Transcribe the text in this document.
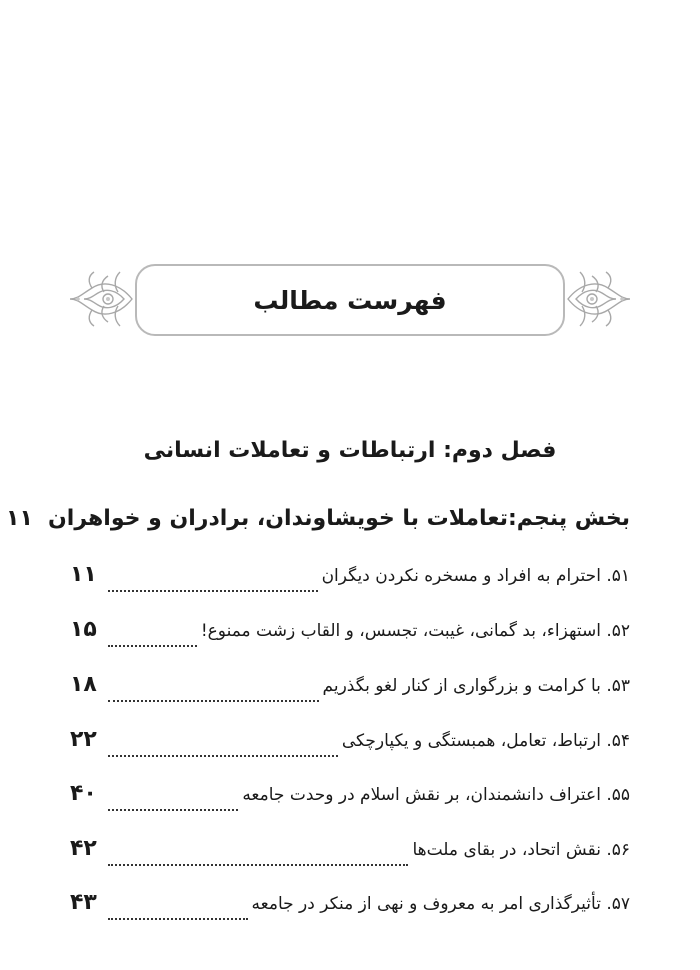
فهرست مطالب
فصل دوم: ارتباطات و تعاملات انسانی
بخش پنجم:تعاملات با خویشاوندان، برادران و خواهران
۱۱
۵۱. احترام به افراد و مسخره نکردن دیگران
۱۱
۵۲. استهزاء، بد گمانی، غیبت، تجسس، و القاب زشت ممنوع!
۱۵
۵۳. با کرامت و بزرگواری از کنار لغو بگذریم
۱۸
۵۴. ارتباط، تعامل، همبستگی و یکپارچکی
۲۲
۵۵. اعتراف دانشمندان، بر نقش اسلام در وحدت جامعه
۴۰
۵۶. نقش اتحاد، در بقای ملت‌ها
۴۲
۵۷. تأثیرگذاری امر به معروف و نهی از منکر در جامعه
۴۳
